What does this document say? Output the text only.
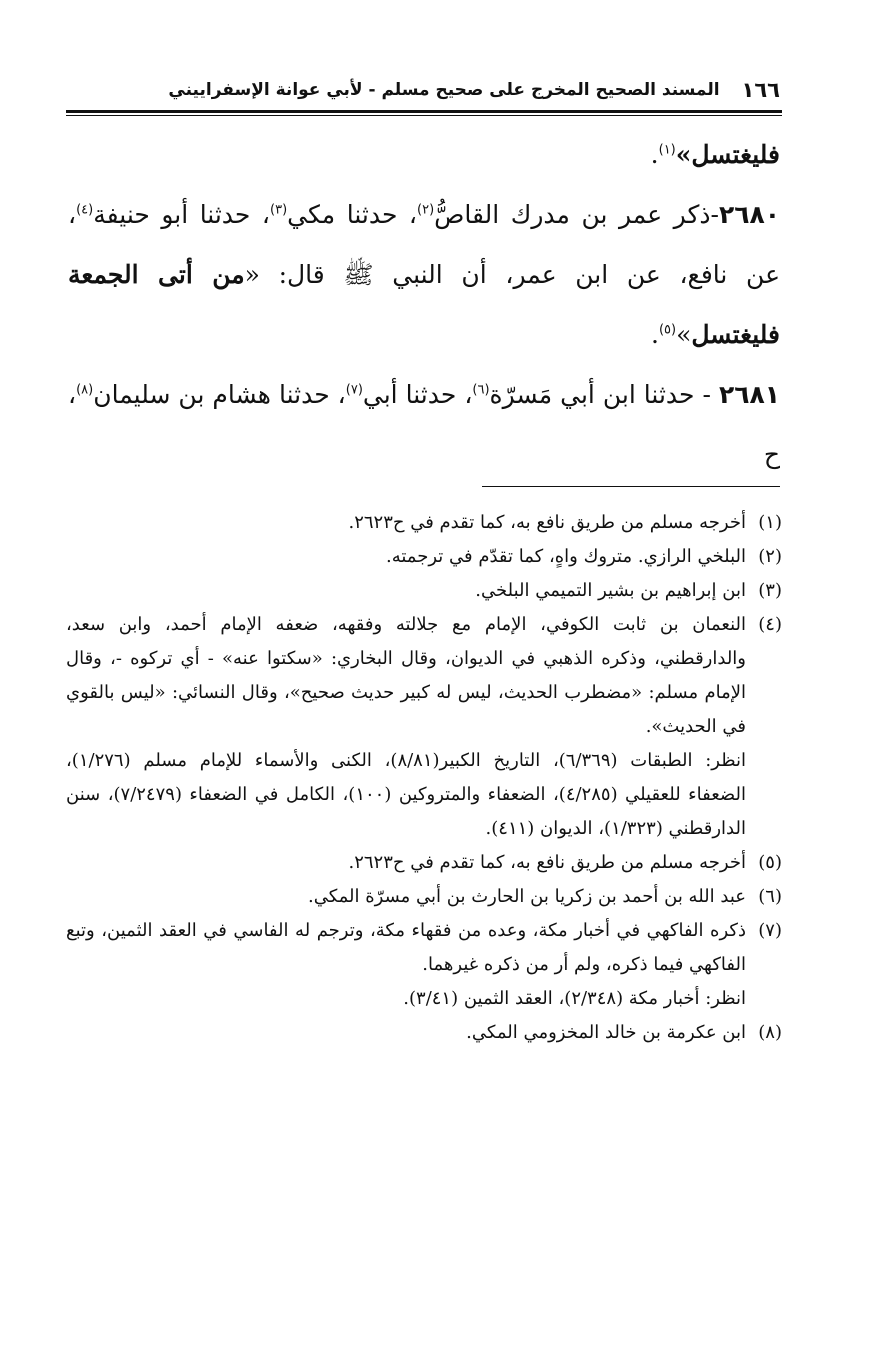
١٦٦
المسند الصحيح المخرج على صحيح مسلم - لأبي عوانة الإسفراييني

فليغتسل»$^{(١)}$.

٢٦٨٠-ذكر عمر بن مدرك القاصُّ$^{(٢)}$، حدثنا مكي$^{(٣)}$، حدثنا أبو حنيفة$^{(٤)}$، عن نافع، عن ابن عمر، أن النبي ﷺ قال: «من أتى الجمعة فليغتسل»$^{(٥)}$.

٢٦٨١ - حدثنا ابن أبي مَسرّة$^{(٦)}$، حدثنا أبي$^{(٧)}$، حدثنا هشام بن سليمان$^{(٨)}$، ح

(١)
أخرجه مسلم من طريق نافع به، كما تقدم في ح٢٦٢٣.
(٢)
البلخي الرازي. متروك واهٍ، كما تقدّم في ترجمته.
(٣)
ابن إبراهيم بن بشير التميمي البلخي.
(٤)
النعمان بن ثابت الكوفي، الإمام مع جلالته وفقهه، ضعفه الإمام أحمد، وابن سعد، والدارقطني، وذكره الذهبي في الديوان، وقال البخاري: «سكتوا عنه» - أي تركوه -، وقال الإمام مسلم: «مضطرب الحديث، ليس له كبير حديث صحيح»، وقال النسائي: «ليس بالقوي في الحديث».
انظر: الطبقات (٦/٣٦٩)، التاريخ الكبير(٨/٨١)، الكنى والأسماء للإمام مسلم (١/٢٧٦)، الضعفاء للعقيلي (٤/٢٨٥)، الضعفاء والمتروكين (١٠٠)، الكامل في الضعفاء (٧/٢٤٧٩)، سنن الدارقطني (١/٣٢٣)، الديوان (٤١١).
(٥)
أخرجه مسلم من طريق نافع به، كما تقدم في ح٢٦٢٣.
(٦)
عبد الله بن أحمد بن زكريا بن الحارث بن أبي مسرّة المكي.
(٧)
ذكره الفاكهي في أخبار مكة، وعده من فقهاء مكة، وترجم له الفاسي في العقد الثمين، وتبع الفاكهي فيما ذكره، ولم أر من ذكره غيرهما.
انظر: أخبار مكة (٢/٣٤٨)، العقد الثمين (٣/٤١).
(٨)
ابن عكرمة بن خالد المخزومي المكي.
